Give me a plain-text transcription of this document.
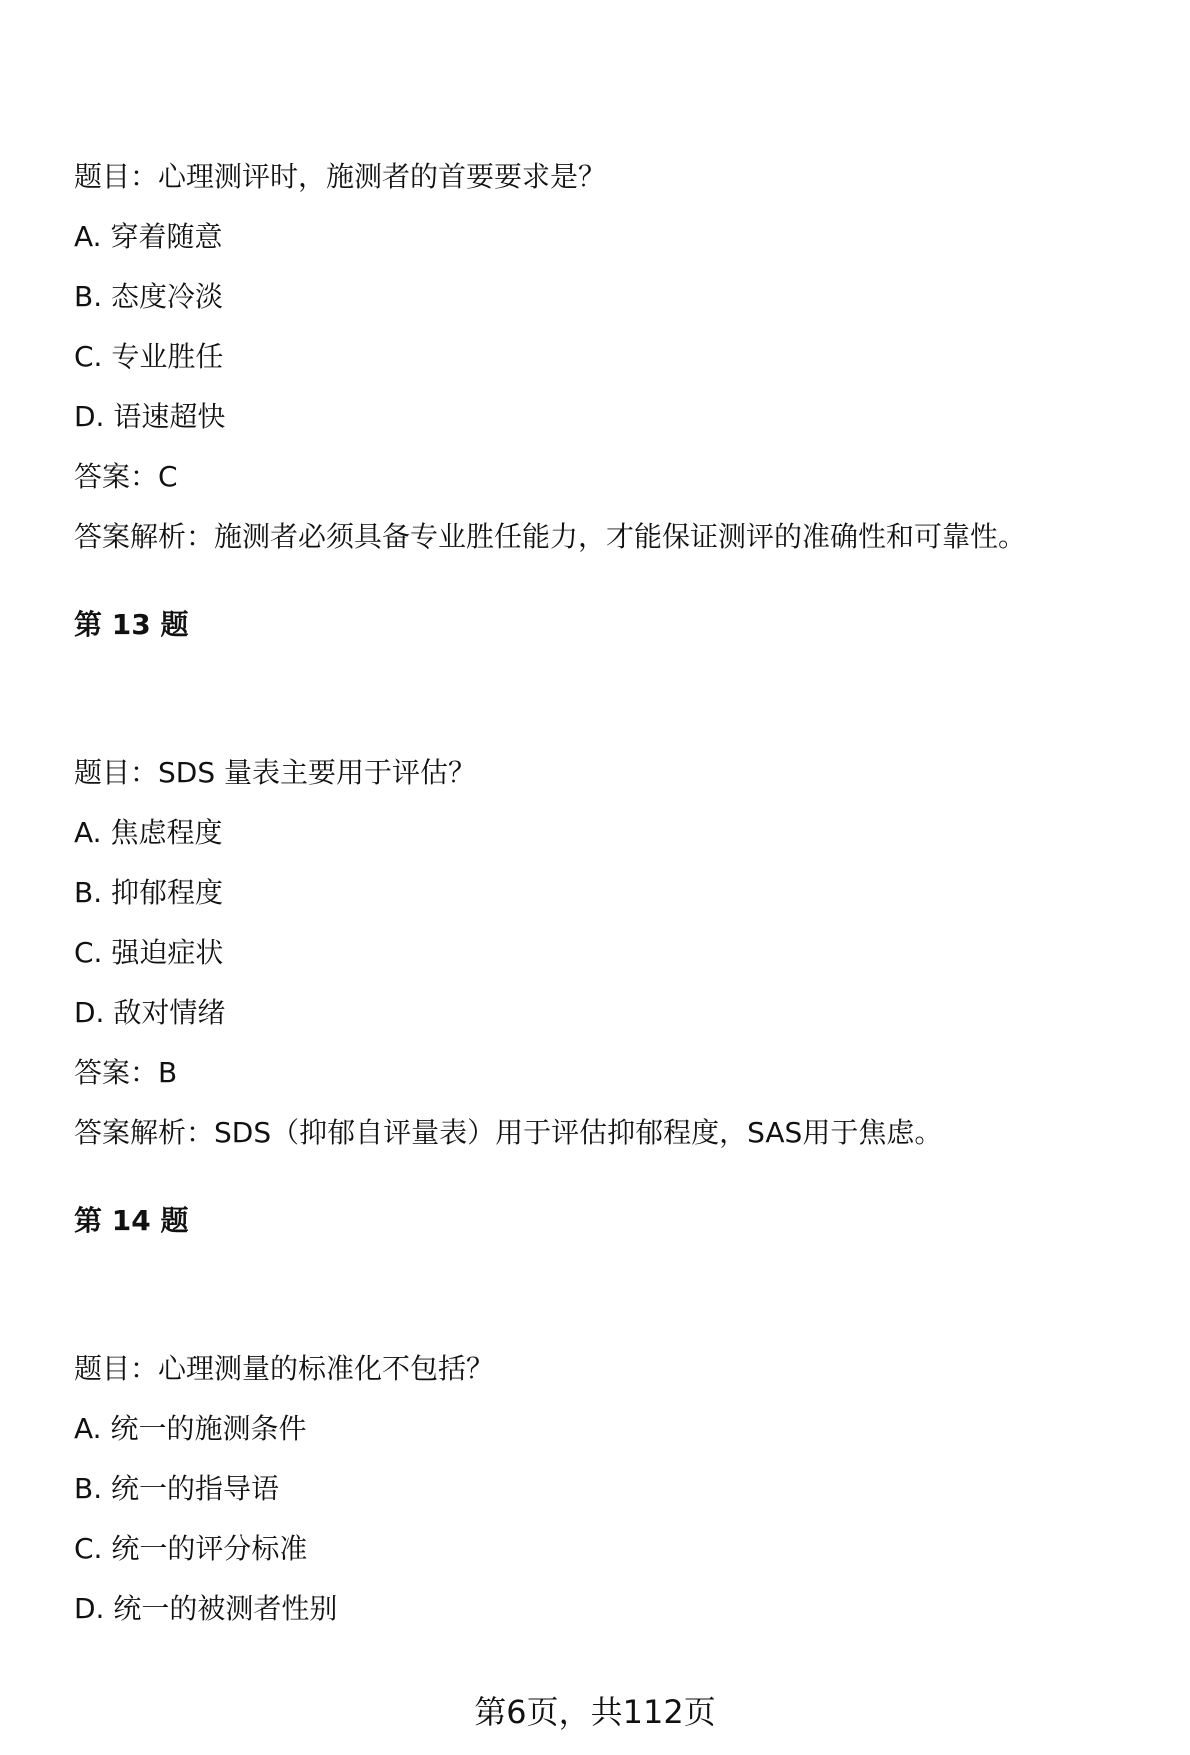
题目：心理测评时，施测者的首要要求是？
A. 穿着随意
B. 态度冷淡
C. 专业胜任
D. 语速超快
答案：C
答案解析：施测者必须具备专业胜任能力，才能保证测评的准确性和可靠性。
第 13 题
题目：SDS 量表主要用于评估？
A. 焦虑程度
B. 抑郁程度
C. 强迫症状
D. 敌对情绪
答案：B
答案解析：SDS（抑郁自评量表）用于评估抑郁程度，SAS用于焦虑。
第 14 题
题目：心理测量的标准化不包括？
A. 统一的施测条件
B. 统一的指导语
C. 统一的评分标准
D. 统一的被测者性别
第6页，共112页
